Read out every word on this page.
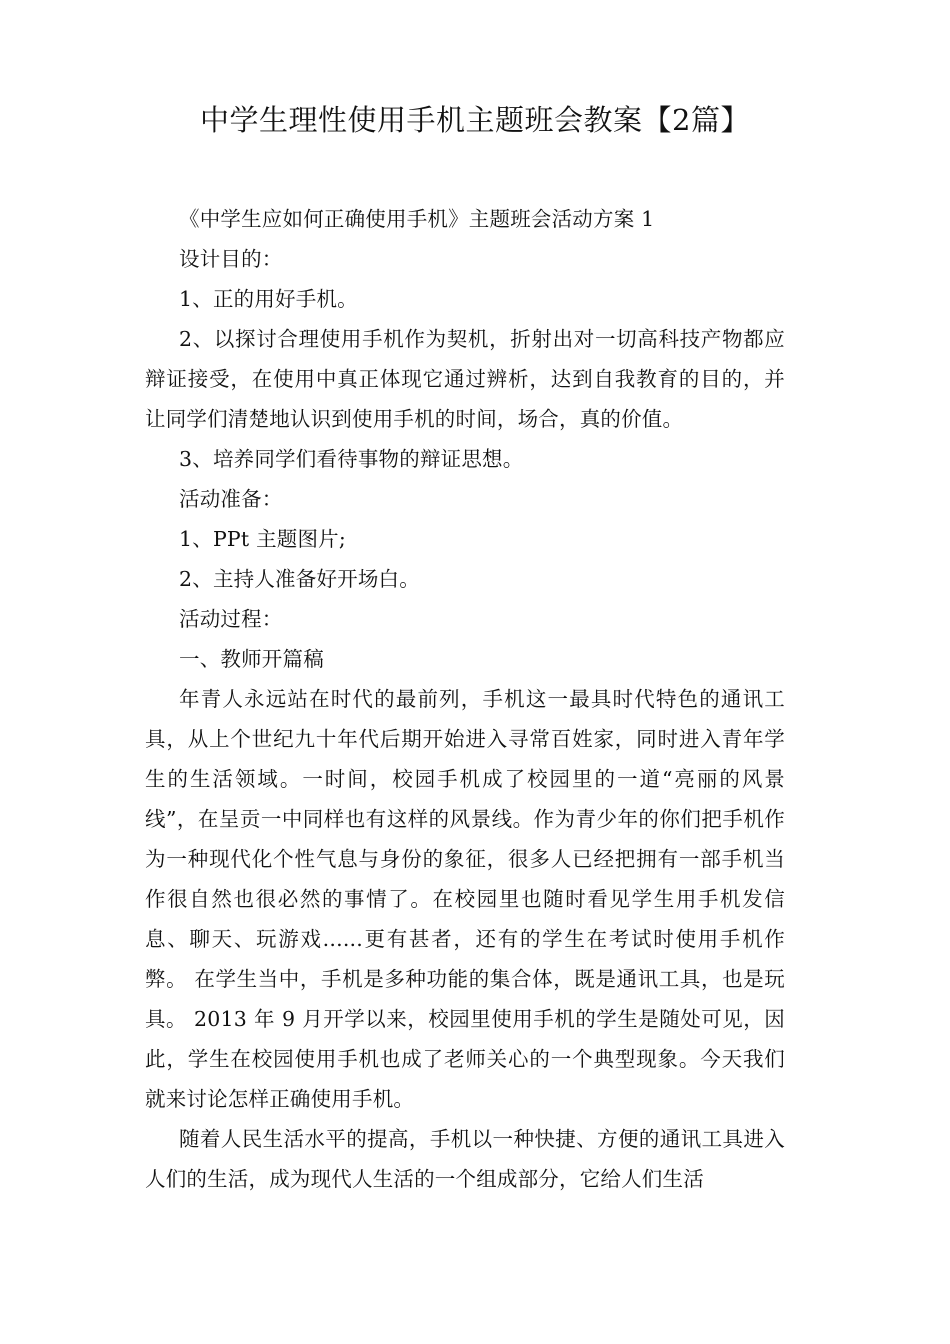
中学生理性使用手机主题班会教案【2篇】

《中学生应如何正确使用手机》主题班会活动方案 1

设计目的：

1、正的用好手机。

2、以探讨合理使用手机作为契机，折射出对一切高科技产物都应辩证接受，在使用中真正体现它通过辨析，达到自我教育的目的，并让同学们清楚地认识到使用手机的时间，场合，真的价值。

3、培养同学们看待事物的辩证思想。

活动准备：

1、PPt 主题图片;

2、主持人准备好开场白。

活动过程：

一、教师开篇稿

年青人永远站在时代的最前列，手机这一最具时代特色的通讯工具，从上个世纪九十年代后期开始进入寻常百姓家，同时进入青年学生的生活领域。一时间，校园手机成了校园里的一道“亮丽的风景线”，在呈贡一中同样也有这样的风景线。作为青少年的你们把手机作为一种现代化个性气息与身份的象征，很多人已经把拥有一部手机当作很自然也很必然的事情了。在校园里也随时看见学生用手机发信息、聊天、玩游戏......更有甚者，还有的学生在考试时使用手机作弊。 在学生当中，手机是多种功能的集合体，既是通讯工具，也是玩具。 2013 年 9 月开学以来，校园里使用手机的学生是随处可见，因此，学生在校园使用手机也成了老师关心的一个典型现象。今天我们就来讨论怎样正确使用手机。

随着人民生活水平的提高，手机以一种快捷、方便的通讯工具进入人们的生活，成为现代人生活的一个组成部分，它给人们生活
